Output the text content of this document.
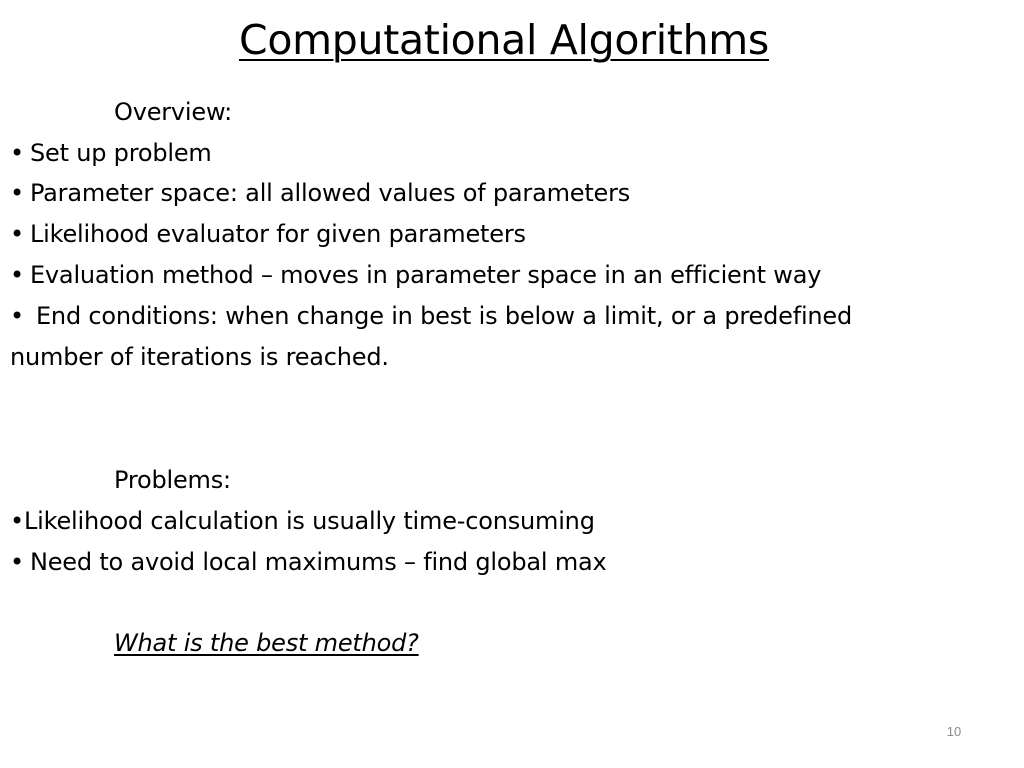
Computational Algorithms
Overview:
• Set up problem
• Parameter space: all allowed values of parameters
• Likelihood evaluator for given parameters
• Evaluation method – moves in parameter space in an efficient way
• End conditions: when change in best is below a limit, or a predefined
number of iterations is reached.
Problems:
•Likelihood calculation is usually time-consuming
• Need to avoid local maximums – find global max
What is the best method?
10
